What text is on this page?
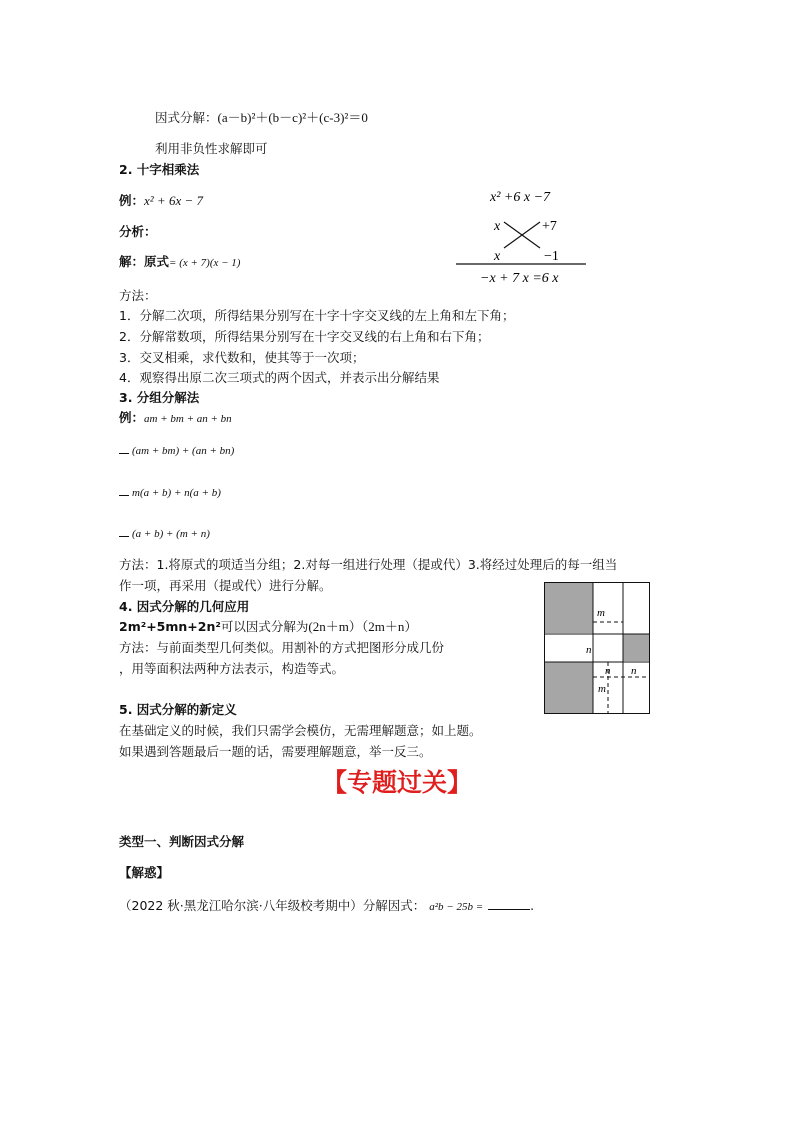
因式分解：(a－b)²＋(b－c)²＋(c-3)²＝0
利用非负性求解即可
2. 十字相乘法
例：x² + 6x − 7
分析：
解：原式= (x + 7)(x − 1)
x² +6 x −7
x	+7
x	−1
−x + 7 x =6 x
方法：
1．分解二次项，所得结果分别写在十字十字交叉线的左上角和左下角；
2．分解常数项，所得结果分别写在十字交叉线的右上角和右下角；
3．交叉相乘，求代数和，使其等于一次项；
4．观察得出原二次三项式的两个因式，并表示出分解结果
3. 分组分解法
例：am + bm + an + bn
(am + bm) + (an + bn)
m(a + b) + n(a + b)
(a + b) + (m + n)
方法：1.将原式的项适当分组；2.对每一组进行处理（提或代）3.将经过处理后的每一组当
作一项，再采用（提或代）进行分解。
4. 因式分解的几何应用
2m²+5mn+2n²可以因式分解为(2n＋m）（2m＋n）
方法：与前面类型几何类似。用割补的方式把图形分成几份
，用等面积法两种方法表示，构造等式。
m
n
n n
m
5. 因式分解的新定义
在基础定义的时候，我们只需学会模仿，无需理解题意；如上题。
如果遇到答题最后一题的话，需要理解题意，举一反三。
【专题过关】
类型一、判断因式分解
【解惑】
（2022 秋·黑龙江哈尔滨·八年级校考期中）分解因式： a²b − 25b =	.
